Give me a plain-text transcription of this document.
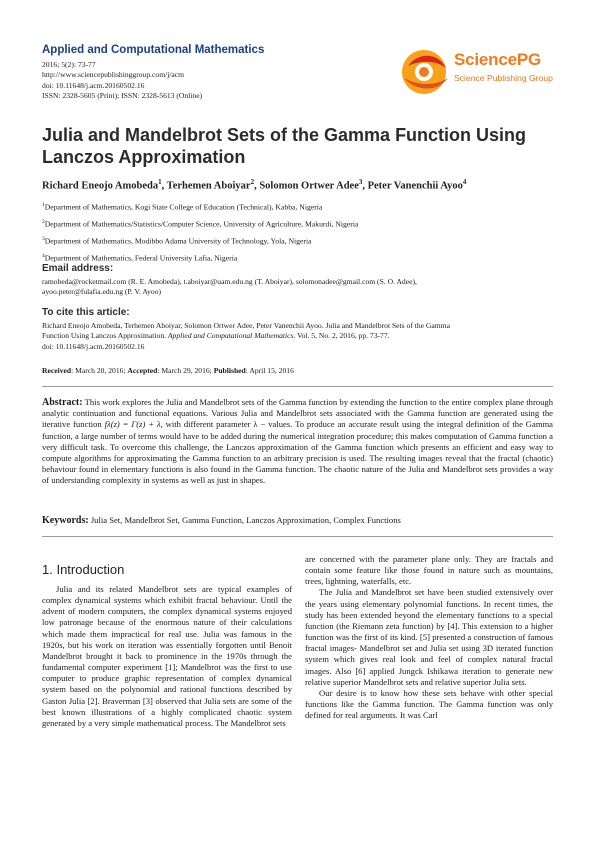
Applied and Computational Mathematics
2016; 5(2): 73-77
http://www.sciencepublishinggroup.com/j/acm
doi: 10.11648/j.acm.20160502.16
ISSN: 2328-5605 (Print); ISSN: 2328-5613 (Online)
SciencePG
Science Publishing Group
Julia and Mandelbrot Sets of the Gamma Function Using Lanczos Approximation
Richard Eneojo Amobeda$^1$, Terhemen Aboiyar$^2$, Solomon Ortwer Adee$^3$, Peter Vanenchii Ayoo$^4$
$^1$Department of Mathematics, Kogi State College of Education (Technical), Kabba, Nigeria
$^2$Department of Mathematics/Statistics/Computer Science, University of Agriculture, Makurdi, Nigeria
$^3$Department of Mathematics, Modibbo Adama University of Technology, Yola, Nigeria
$^4$Department of Mathematics, Federal University Lafia, Nigeria
Email address:
ramobeda@rocketmail.com (R. E. Amobeda), t.aboiyar@uam.edu.ng (T. Aboiyar), solomonadee@gmail.com (S. O. Adee),
ayoo.peter@fulafia.edu.ng (P. V. Ayoo)
To cite this article:
Richard Eneojo Amobeda, Terhemen Aboiyar, Solomon Ortwer Adee, Peter Vanenchii Ayoo. Julia and Mandelbrot Sets of the Gamma
Function Using Lanczos Approximation. Applied and Computational Mathematics. Vol. 5, No. 2, 2016, pp. 73-77.
doi: 10.11648/j.acm.20160502.16
Received: March 20, 2016; Accepted: March 29, 2016; Published: April 15, 2016
Abstract: This work explores the Julia and Mandelbrot sets of the Gamma function by extending the function to the entire complex plane through analytic continuation and functional equations. Various Julia and Mandelbrot sets associated with the Gamma function are generated using the iterative function fλ(z) = Γ(z) + λ, with different parameter λ − values. To produce an accurate result using the integral definition of the Gamma function, a large number of terms would have to be added during the numerical integration procedure; this makes computation of Gamma function a very difficult task. To overcome this challenge, the Lanczos approximation of the Gamma function which presents an efficient and easy way to compute algorithms for approximating the Gamma function to an arbitrary precision is used. The resulting images reveal that the fractal (chaotic) behaviour found in elementary functions is also found in the Gamma function. The chaotic nature of the Julia and Mandelbrot sets provides a way of understanding complexity in systems as well as just in shapes.
Keywords: Julia Set, Mandelbrot Set, Gamma Function, Lanczos Approximation, Complex Functions
1. Introduction

Julia and its related Mandelbrot sets are typical examples of complex dynamical systems which exhibit fractal behaviour. Until the advent of modern computers, the complex dynamical systems enjoyed low patronage because of the enormous nature of their calculations which made them impractical for real use. Julia was famous in the 1920s, but his work on iteration was essentially forgotten until Benoit Mandelbrot brought it back to prominence in the 1970s through the fundamental computer experiment [1]; Mandelbrot was the first to use computer to produce graphic representation of complex dynamical system based on the polynomial and rational functions described by Gaston Julia [2]. Braverman [3] observed that Julia sets are some of the best known illustrations of a highly complicated chaotic system generated by a very simple mathematical process. The Mandelbrot sets

are concerned with the parameter plane only. They are fractals and contain some feature like those found in nature such as mountains, trees, lightning, waterfalls, etc.

The Julia and Mandelbrot set have been studied extensively over the years using elementary polynomial functions. In recent times, the study has been extended beyond the elementary functions to a special function (the Riemann zeta function) by [4]. This extension to a higher function was the first of its kind. [5] presented a construction of famous fractal images- Mandelbrot set and Julia set using 3D iterated function system which gives real look and feel of complex natural fractal images. Also [6] applied Jungck Ishikawa iteration to generate new relative superior Mandelbrot sets and relative superior Julia sets.

Our desire is to know how these sets behave with other special functions like the Gamma function. The Gamma function was only defined for real arguments. It was Carl
